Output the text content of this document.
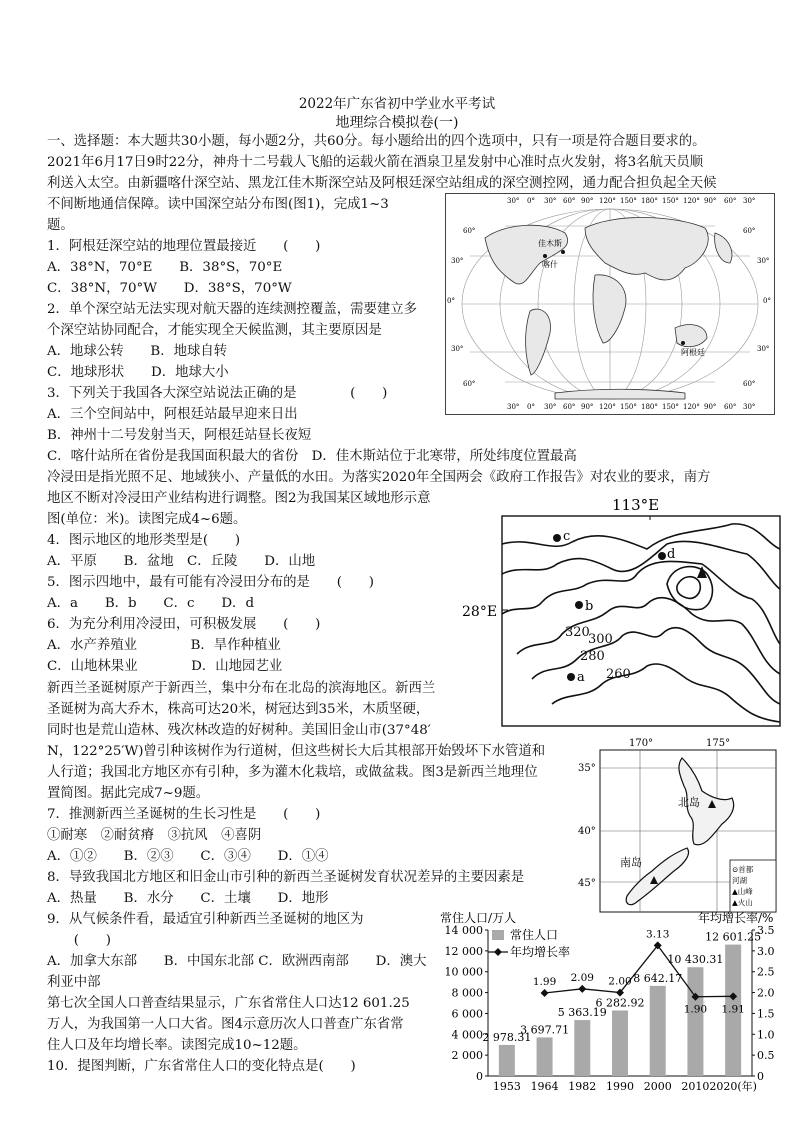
2022年广东省初中学业水平考试
地理综合模拟卷(一)
一、选择题：本大题共30小题，每小题2分，共60分。每小题给出的四个选项中，只有一项是符合题目要求的。
2021年6月17日9时22分，神舟十二号载人飞船的运载火箭在酒泉卫星发射中心准时点火发射，将3名航天员顺
利送入太空。由新疆喀什深空站、黑龙江佳木斯深空站及阿根廷深空站组成的深空测控网，通力配合担负起全天候
不间断地通信保障。读中国深空站分布图(图1)，完成1~3
题。
1．阿根廷深空站的地理位置最接近　　(　　)
A．38°N，70°E　　B．38°S，70°E
C．38°N，70°W　　D．38°S，70°W
2．单个深空站无法实现对航天器的连续测控覆盖，需要建立多
个深空站协同配合，才能实现全天候监测，其主要原因是
A．地球公转　　B．地球自转
C．地球形状　　D．地球大小
3．下列关于我国各大深空站说法正确的是　　　　(　　)
A．三个空间站中，阿根廷站最早迎来日出
B．神州十二号发射当天，阿根廷站昼长夜短
C．喀什站所在省份是我国面积最大的省份　D．佳木斯站位于北寒带，所处纬度位置最高
冷浸田是指光照不足、地域狭小、产量低的水田。为落实2020年全国两会《政府工作报告》对农业的要求，南方
地区不断对冷浸田产业结构进行调整。图2为我国某区域地形示意
图(单位：米)。读图完成4~6题。
4．图示地区的地形类型是(　　)
A．平原　　B．盆地　C．丘陵　　D．山地
5．图示四地中，最有可能有冷浸田分布的是　　(　　)
A．a　　B．b　　C．c　　D．d
6．为充分利用冷浸田，可积极发展　　(　　)
A．水产养殖业　　　　B．旱作种植业
C．山地林果业　　　　D．山地园艺业
新西兰圣诞树原产于新西兰，集中分布在北岛的滨海地区。新西兰
圣诞树为高大乔木，株高可达20米，树冠达到35米，木质坚硬，
同时也是荒山造林、残次林改造的好树种。美国旧金山市(37°48′
N，122°25′W)曾引种该树作为行道树，但这些树长大后其根部开始毁坏下水管道和
人行道；我国北方地区亦有引种，多为灌木化栽培，或做盆栽。图3是新西兰地理位
置简图。据此完成7~9题。
7．推测新西兰圣诞树的生长习性是　　(　　)
①耐寒　②耐贫瘠　③抗风　④喜阴
A．①②　　B．②③　　C．③④　　D．①④
8．导致我国北方地区和旧金山市引种的新西兰圣诞树发育状况差异的主要因素是
A．热量　　B．水分　　C．土壤　　D．地形
9．从气候条件看，最适宜引种新西兰圣诞树的地区为
　　(　　)
A．加拿大东部　　B．中国东北部 C．欧洲西南部　　D．澳大
利亚中部
第七次全国人口普查结果显示，广东省常住人口达12 601.25
万人，为我国第一人口大省。图4示意历次人口普查广东省常
住人口及年均增长率。读图完成10~12题。
10．提图判断，广东省常住人口的变化特点是(　　)
30° 0° 30° 60° 90° 120° 150° 180° 150° 120° 90° 60° 30°
30° 0° 30° 60° 90° 120° 150° 180° 150° 120° 90° 60° 30°
60°
30°
0°
30°
60°
60°
30°
0°
30°
60°
佳木斯
喀什
阿根廷
113°E
28°E
c
d
b
a
320
300
280
260
170°	175°
35°
40°
45°
北岛
南岛
⊙首都
河湖
▲山峰
▲火山
常住人口/万人	年均增长率/%
常住人口
年均增长率
0
2 000
4 000
6 000
8 000
10 000
12 000
14 000
0
0.5
1.0
1.5
2.0
2.5
3.0
3.5
2 978.31
1953
3 697.71
1964
5 363.19
1982
6 282.92
1990
8 642.17
2000
10 430.31
2010
12 601.25
2020(年)
1.99 2.09 2.00
3.13
1.90 1.91
